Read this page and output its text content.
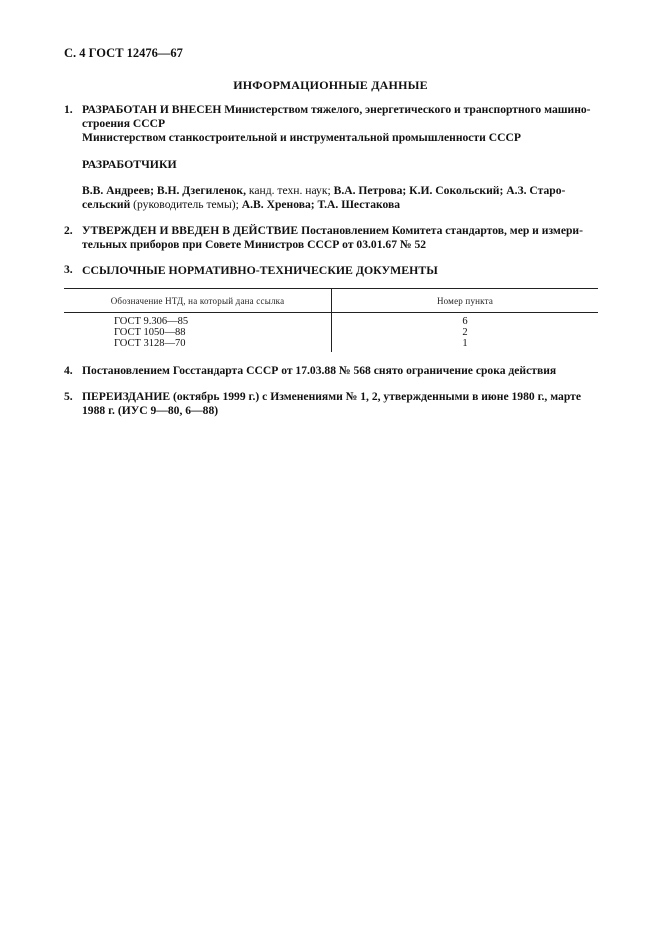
С. 4 ГОСТ 12476—67
ИНФОРМАЦИОННЫЕ ДАННЫЕ
1. РАЗРАБОТАН И ВНЕСЕН Министерством тяжелого, энергетического и транспортного машино-
строения СССР
Министерством станкостроительной и инструментальной промышленности СССР
РАЗРАБОТЧИКИ
В.В. Андреев; В.Н. Дзегиленок, канд. техн. наук; В.А. Петрова; К.И. Сокольский; А.З. Старо-
сельский (руководитель темы); А.В. Хренова; Т.А. Шестакова
2. УТВЕРЖДЕН И ВВЕДЕН В ДЕЙСТВИЕ Постановлением Комитета стандартов, мер и измери-
тельных приборов при Совете Министров СССР от 03.01.67 № 52
3. ССЫЛОЧНЫЕ НОРМАТИВНО-ТЕХНИЧЕСКИЕ ДОКУМЕНТЫ
Обозначение НТД, на который дана ссылка	Номер пункта
ГОСТ 9.306—85	6
ГОСТ 1050—88	2
ГОСТ 3128—70	1
4. Постановлением Госстандарта СССР от 17.03.88 № 568 снято ограничение срока действия
5. ПЕРЕИЗДАНИЕ (октябрь 1999 г.) с Изменениями № 1, 2, утвержденными в июне 1980 г., марте
1988 г. (ИУС 9—80, 6—88)
